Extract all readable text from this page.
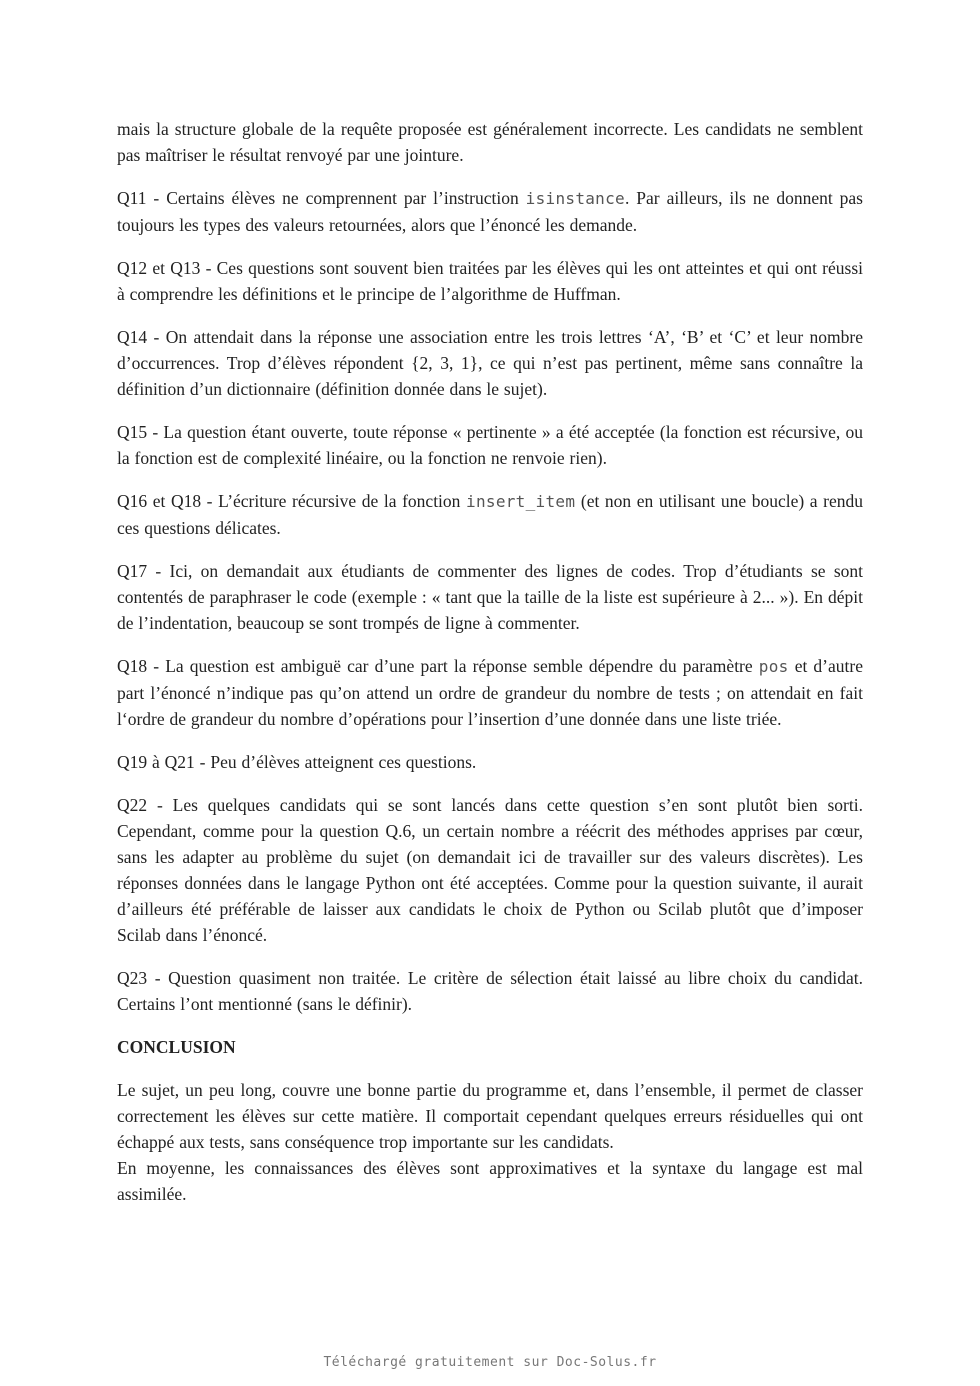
mais la structure globale de la requête proposée est généralement incorrecte. Les candidats ne semblent pas maîtriser le résultat renvoyé par une jointure.

Q11 - Certains élèves ne comprennent par l’instruction isinstance. Par ailleurs, ils ne donnent pas toujours les types des valeurs retournées, alors que l’énoncé les demande.

Q12 et Q13 - Ces questions sont souvent bien traitées par les élèves qui les ont atteintes et qui ont réussi à comprendre les définitions et le principe de l’algorithme de Huffman.

Q14 - On attendait dans la réponse une association entre les trois lettres ‘A’, ‘B’ et ‘C’ et leur nombre d’occurrences. Trop d’élèves répondent {2, 3, 1}, ce qui n’est pas pertinent, même sans connaître la définition d’un dictionnaire (définition donnée dans le sujet).

Q15 - La question étant ouverte, toute réponse « pertinente » a été acceptée (la fonction est récursive, ou la fonction est de complexité linéaire, ou la fonction ne renvoie rien).

Q16 et Q18 - L’écriture récursive de la fonction insert_item (et non en utilisant une boucle) a rendu ces questions délicates.

Q17 - Ici, on demandait aux étudiants de commenter des lignes de codes. Trop d’étudiants se sont contentés de paraphraser le code (exemple : « tant que la taille de la liste est supérieure à 2... »). En dépit de l’indentation, beaucoup se sont trompés de ligne à commenter.

Q18 - La question est ambiguë car d’une part la réponse semble dépendre du paramètre pos et d’autre part l’énoncé n’indique pas qu’on attend un ordre de grandeur du nombre de tests ; on attendait en fait l‘ordre de grandeur du nombre d’opérations pour l’insertion d’une donnée dans une liste triée.

Q19 à Q21 - Peu d’élèves atteignent ces questions.

Q22 - Les quelques candidats qui se sont lancés dans cette question s’en sont plutôt bien sorti. Cependant, comme pour la question Q.6, un certain nombre a réécrit des méthodes apprises par cœur, sans les adapter au problème du sujet (on demandait ici de travailler sur des valeurs discrètes). Les réponses données dans le langage Python ont été acceptées. Comme pour la question suivante, il aurait d’ailleurs été préférable de laisser aux candidats le choix de Python ou Scilab plutôt que d’imposer Scilab dans l’énoncé.

Q23 - Question quasiment non traitée. Le critère de sélection était laissé au libre choix du candidat. Certains l’ont mentionné (sans le définir).

CONCLUSION

Le sujet, un peu long, couvre une bonne partie du programme et, dans l’ensemble, il permet de classer correctement les élèves sur cette matière. Il comportait cependant quelques erreurs résiduelles qui ont échappé aux tests, sans conséquence trop importante sur les candidats.

En moyenne, les connaissances des élèves sont approximatives et la syntaxe du langage est mal assimilée.

Téléchargé gratuitement sur Doc-Solus.fr
